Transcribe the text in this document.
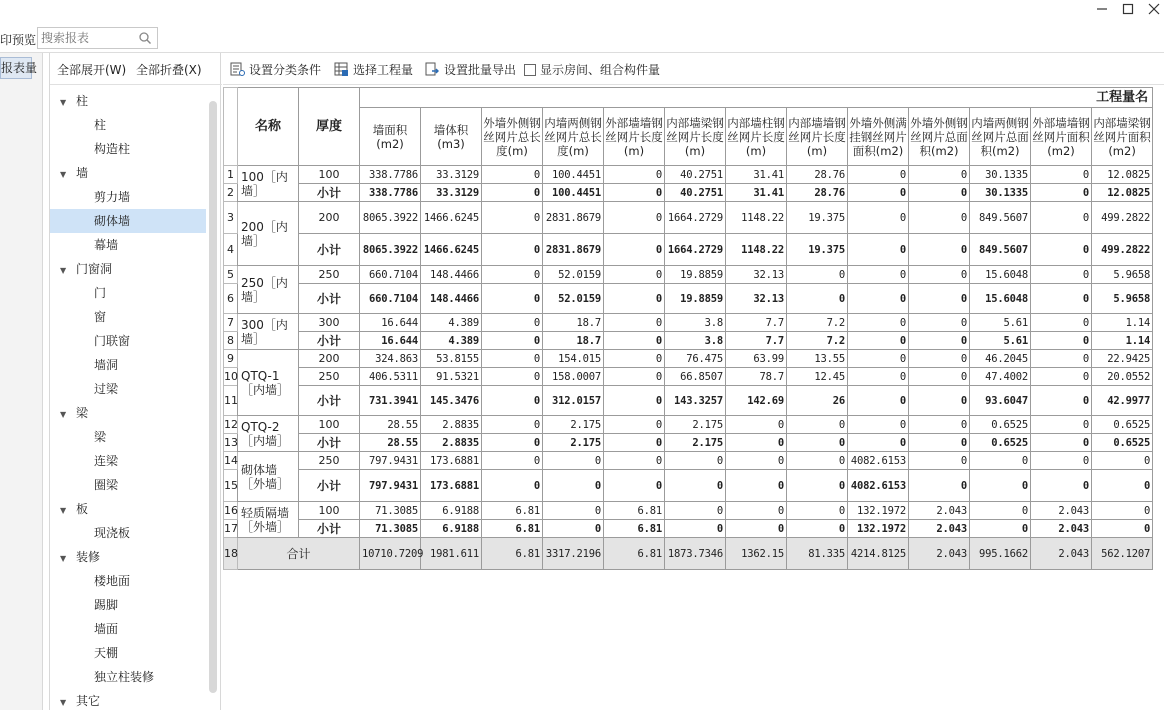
印预览
搜索报表
报表量 全部展开(W) 全部折叠(X)
▼ 柱
柱
构造柱
▼ 墙
剪力墙
砌体墙
幕墙
▼ 门窗洞
门
窗
门联窗
墙洞
过梁
▼ 梁
梁
连梁
圈梁
▼ 板
现浇板
▼ 装修
楼地面
踢脚
墙面
天棚
独立柱装修
▼ 其它
设置分类条件	选择工程量	设置批量导出	显示房间、组合构件量
	名称	厚度	工程量名												
			墙面积(m2)	墙体积(m3)	外墙外侧钢丝网片总长度(m)	内墙两侧钢丝网片总长度(m)	外部墙墙钢丝网片长度(m)	内部墙梁钢丝网片长度(m)	内部墙柱钢丝网片长度(m)	内部墙墙钢丝网片长度(m)	外墙外侧满挂钢丝网片面积(m2)	外墙外侧钢丝网片总面积(m2)	内墙两侧钢丝网片总面积(m2)	外部墙墙钢丝网片面积(m2)	内部墙梁钢丝网片面积(m2)
1	100［内墙］	100	338.7786	33.3129	0	100.4451	0	40.2751	31.41	28.76	0	0	30.1335	0	12.0825
2		小计	338.7786	33.3129	0	100.4451	0	40.2751	31.41	28.76	0	0	30.1335	0	12.0825
3	200［内墙］	200	8065.3922	1466.6245	0	2831.8679	0	1664.2729	1148.22	19.375	0	0	849.5607	0	499.2822
4		小计	8065.3922	1466.6245	0	2831.8679	0	1664.2729	1148.22	19.375	0	0	849.5607	0	499.2822
5	250［内墙］	250	660.7104	148.4466	0	52.0159	0	19.8859	32.13	0	0	0	15.6048	0	5.9658
6		小计	660.7104	148.4466	0	52.0159	0	19.8859	32.13	0	0	0	15.6048	0	5.9658
7	300［内墙］	300	16.644	4.389	0	18.7	0	3.8	7.7	7.2	0	0	5.61	0	1.14
8		小计	16.644	4.389	0	18.7	0	3.8	7.7	7.2	0	0	5.61	0	1.14
9	QTQ-1［内墙］	200	324.863	53.8155	0	154.015	0	76.475	63.99	13.55	0	0	46.2045	0	22.9425
10		250	406.5311	91.5321	0	158.0007	0	66.8507	78.7	12.45	0	0	47.4002	0	20.0552
11		小计	731.3941	145.3476	0	312.0157	0	143.3257	142.69	26	0	0	93.6047	0	42.9977
12	QTQ-2［内墙］	100	28.55	2.8835	0	2.175	0	2.175	0	0	0	0	0.6525	0	0.6525
13		小计	28.55	2.8835	0	2.175	0	2.175	0	0	0	0	0.6525	0	0.6525
14	砌体墙［外墙］	250	797.9431	173.6881	0	0	0	0	0	0	4082.6153	0	0	0	0
15		小计	797.9431	173.6881	0	0	0	0	0	0	4082.6153	0	0	0	0
16	轻质隔墙［外墙］	100	71.3085	6.9188	6.81	0	6.81	0	0	0	132.1972	2.043	0	2.043	0
17		小计	71.3085	6.9188	6.81	0	6.81	0	0	0	132.1972	2.043	0	2.043	0
18	合计		10710.7209	1981.611	6.81	3317.2196	6.81	1873.7346	1362.15	81.335	4214.8125	2.043	995.1662	2.043	562.1207
